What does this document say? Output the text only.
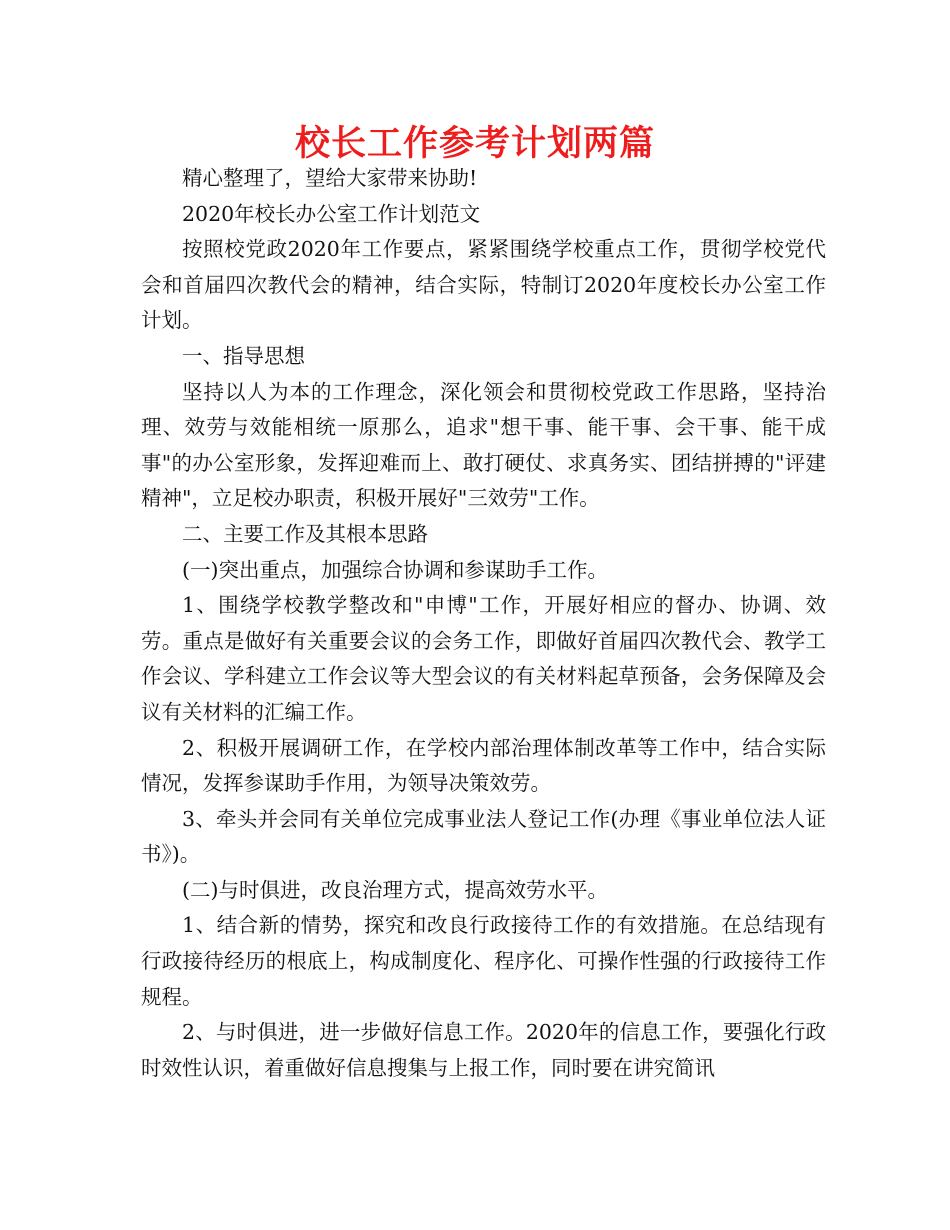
校长工作参考计划两篇

精心整理了，望给大家带来协助!

2020年校长办公室工作计划范文

按照校党政2020年工作要点，紧紧围绕学校重点工作，贯彻学校党代会和首届四次教代会的精神，结合实际，特制订2020年度校长办公室工作计划。

一、指导思想

坚持以人为本的工作理念，深化领会和贯彻校党政工作思路，坚持治理、效劳与效能相统一原那么，追求"想干事、能干事、会干事、能干成事"的办公室形象，发挥迎难而上、敢打硬仗、求真务实、团结拼搏的"评建精神"，立足校办职责，积极开展好"三效劳"工作。

二、主要工作及其根本思路

(一)突出重点，加强综合协调和参谋助手工作。

1、围绕学校教学整改和"申博"工作，开展好相应的督办、协调、效劳。重点是做好有关重要会议的会务工作，即做好首届四次教代会、教学工作会议、学科建立工作会议等大型会议的有关材料起草预备，会务保障及会议有关材料的汇编工作。

2、积极开展调研工作，在学校内部治理体制改革等工作中，结合实际情况，发挥参谋助手作用，为领导决策效劳。

3、牵头并会同有关单位完成事业法人登记工作(办理《事业单位法人证书》)。

(二)与时俱进，改良治理方式，提高效劳水平。

1、结合新的情势，探究和改良行政接待工作的有效措施。在总结现有行政接待经历的根底上，构成制度化、程序化、可操作性强的行政接待工作规程。

2、与时俱进，进一步做好信息工作。2020年的信息工作，要强化行政时效性认识，着重做好信息搜集与上报工作，同时要在讲究简讯
